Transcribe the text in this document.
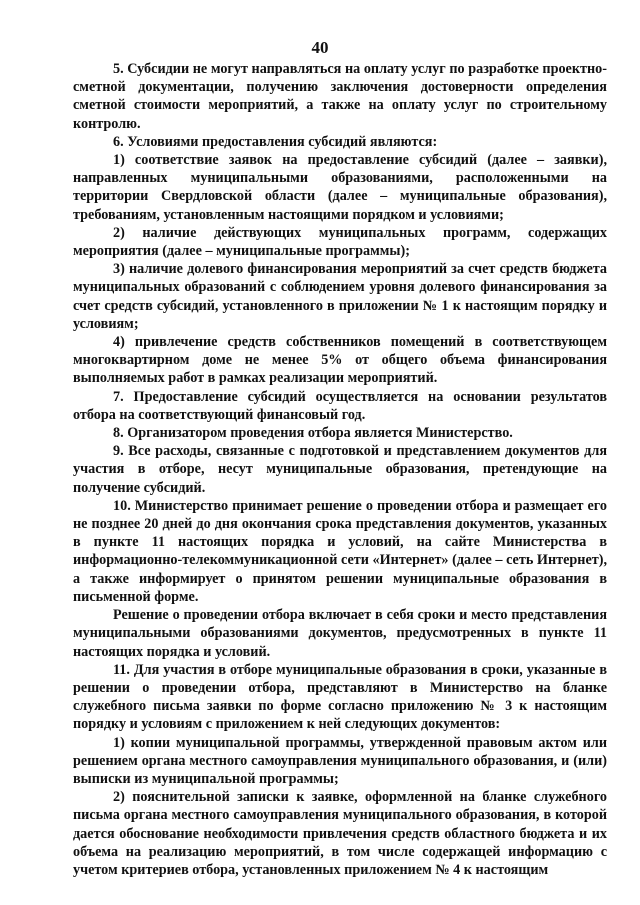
40

5. Субсидии не могут направляться на оплату услуг по разработке проектно-сметной документации, получению заключения достоверности определения сметной стоимости мероприятий, а также на оплату услуг по строительному контролю.

6. Условиями предоставления субсидий являются:

1) соответствие заявок на предоставление субсидий (далее – заявки), направленных муниципальными образованиями, расположенными на территории Свердловской области (далее – муниципальные образования), требованиям, установленным настоящими порядком и условиями;

2) наличие действующих муниципальных программ, содержащих мероприятия (далее – муниципальные программы);

3) наличие долевого финансирования мероприятий за счет средств бюджета муниципальных образований с соблюдением уровня долевого финансирования за счет средств субсидий, установленного в приложении № 1 к настоящим порядку и условиям;

4) привлечение средств собственников помещений в соответствующем многоквартирном доме не менее 5% от общего объема финансирования выполняемых работ в рамках реализации мероприятий.

7. Предоставление субсидий осуществляется на основании результатов отбора на соответствующий финансовый год.

8. Организатором проведения отбора является Министерство.

9. Все расходы, связанные с подготовкой и представлением документов для участия в отборе, несут муниципальные образования, претендующие на получение субсидий.

10. Министерство принимает решение о проведении отбора и размещает его не позднее 20 дней до дня окончания срока представления документов, указанных в пункте 11 настоящих порядка и условий, на сайте Министерства в информационно-телекоммуникационной сети «Интернет» (далее – сеть Интернет), а также информирует о принятом решении муниципальные образования в письменной форме.

Решение о проведении отбора включает в себя сроки и место представления муниципальными образованиями документов, предусмотренных в пункте 11 настоящих порядка и условий.

11. Для участия в отборе муниципальные образования в сроки, указанные в решении о проведении отбора, представляют в Министерство на бланке служебного письма заявки по форме согласно приложению № 3 к настоящим порядку и условиям с приложением к ней следующих документов:

1) копии муниципальной программы, утвержденной правовым актом или решением органа местного самоуправления муниципального образования, и (или) выписки из муниципальной программы;

2) пояснительной записки к заявке, оформленной на бланке служебного письма органа местного самоуправления муниципального образования, в которой дается обоснование необходимости привлечения средств областного бюджета и их объема на реализацию мероприятий, в том числе содержащей информацию с учетом критериев отбора, установленных приложением № 4 к настоящим
